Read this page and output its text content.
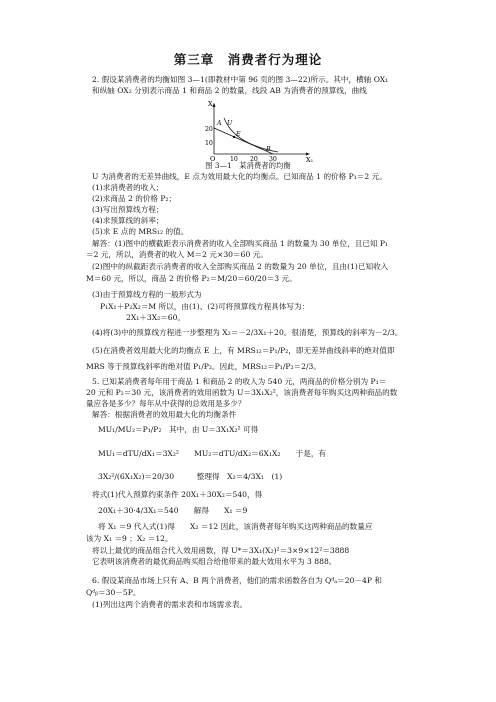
第三章　消费者行为理论
2. 假设某消费者的均衡如图 3—1(即教材中第 96 页的图 3—22)所示。其中，横轴 OX₁
和纵轴 OX₂ 分别表示商品 1 和商品 2 的数量，线段 AB 为消费者的预算线，曲线
X₂
X₁
O
20
10
10 20 30
A U
E
B
图 3—1　某消费者的均衡
U 为消费者的无差异曲线，E 点为效用最大化的均衡点。已知商品 1 的价格 P₁＝2 元。
(1)求消费者的收入；
(2)求商品 2 的价格 P₂；
(3)写出预算线方程；
(4)求预算线的斜率；
(5)求 E 点的 MRS₁₂ 的值。
解答：(1)图中的横截距表示消费者的收入全部购买商品 1 的数量为 30 单位，且已知 P₁
＝2 元，所以，消费者的收入 M＝2 元×30＝60 元。
(2)图中的纵截距表示消费者的收入全部购买商品 2 的数量为 20 单位，且由(1)已知收入
M＝60 元，所以，商品 2 的价格 P₂＝M/20＝60/20＝3 元。
(3)由于预算线方程的一般形式为
P₁X₁＋P₂X₂＝M 所以，由(1)、(2)可将预算线方程具体写为：
2X₁＋3X₂＝60。
(4)将(3)中的预算线方程进一步整理为 X₂＝－2/3X₁＋20。很清楚，预算线的斜率为－2/3。
(5)在消费者效用最大化的均衡点 E 上，有 MRS₁₂＝P₁/P₂，即无差异曲线斜率的绝对值即
MRS 等于预算线斜率的绝对值 P₁/P₂。因此，MRS₁₂＝P₁/P₂＝2/3。
5. 已知某消费者每年用于商品 1 和商品 2 的收入为 540 元，两商品的价格分别为 P₁＝
20 元和 P₂＝30 元，该消费者的效用函数为 U＝3X₁X₂²，该消费者每年购买这两种商品的数
量应各是多少？每年从中获得的总效用是多少？
解答：根据消费者的效用最大化的均衡条件
MU₁/MU₂＝P₁/P₂　其中，由 U＝3X₁X₂² 可得
MU₁＝dTU/dX₁＝3X₂²　　MU₂＝dTU/dX₂＝6X₁X₂　　于是，有
3X₂²/(6X₁X₂)＝20/30　　　整理得　X₂＝4/3X₁　(1)
将式(1)代入预算约束条件 20X₁＋30X₂＝540，得
20X₁＋30·4/3X₁＝540　　解得　　X₁ ＝9
将 X₁ ＝9 代入式(1)得　　X₂ ＝12 因此，该消费者每年购买这两种商品的数量应
该为 X₁ ＝9 ；X₂ ＝12。
将以上最优的商品组合代入效用函数，得 U*＝3X₁(X₂)²＝3×9×12²＝3888
它表明该消费者的最优商品购买组合给他带来的最大效用水平为 3 888。
6. 假设某商品市场上只有 A、B 两个消费者，他们的需求函数各自为 Qᵈₐ＝20－4P 和
Qᵈᵦ＝30－5P。
(1)列出这两个消费者的需求表和市场需求表。
